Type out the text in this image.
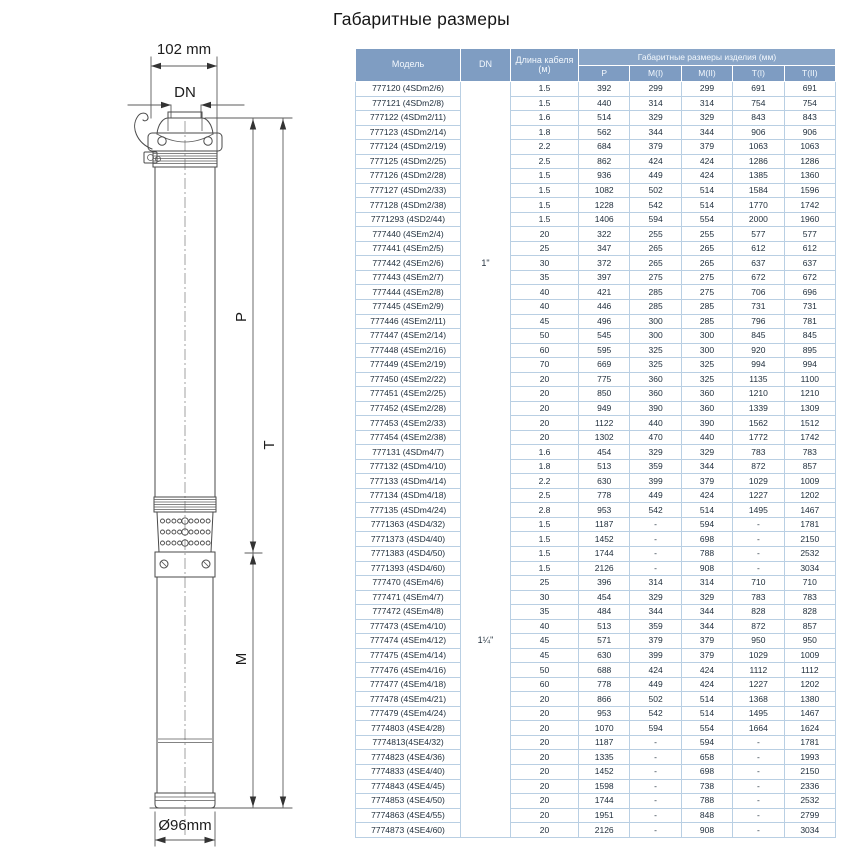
Габаритные размеры
102 mm
DN
P
T
M
Ø96mm
Модель	DN	Длина кабеля (м)	Габаритные размеры изделия (мм)				
			P	M(I)	M(II)	T(I)	T(II)
777120 (4SDm2/6)	1"	1.5	392	299	299	691	691
777121 (4SDm2/8)		1.5	440	314	314	754	754
777122 (4SDm2/11)		1.6	514	329	329	843	843
777123 (4SDm2/14)		1.8	562	344	344	906	906
777124 (4SDm2/19)		2.2	684	379	379	1063	1063
777125 (4SDm2/25)		2.5	862	424	424	1286	1286
777126 (4SDm2/28)		1.5	936	449	424	1385	1360
777127 (4SDm2/33)		1.5	1082	502	514	1584	1596
777128 (4SDm2/38)		1.5	1228	542	514	1770	1742
7771293 (4SD2/44)		1.5	1406	594	554	2000	1960
777440 (4SEm2/4)		20	322	255	255	577	577
777441 (4SEm2/5)		25	347	265	265	612	612
777442 (4SEm2/6)		30	372	265	265	637	637
777443 (4SEm2/7)		35	397	275	275	672	672
777444 (4SEm2/8)		40	421	285	275	706	696
777445 (4SEm2/9)		40	446	285	285	731	731
777446 (4SEm2/11)		45	496	300	285	796	781
777447 (4SEm2/14)		50	545	300	300	845	845
777448 (4SEm2/16)		60	595	325	300	920	895
777449 (4SEm2/19)		70	669	325	325	994	994
777450 (4SEm2/22)		20	775	360	325	1135	1100
777451 (4SEm2/25)		20	850	360	360	1210	1210
777452 (4SEm2/28)		20	949	390	360	1339	1309
777453 (4SEm2/33)		20	1122	440	390	1562	1512
777454 (4SEm2/38)		20	1302	470	440	1772	1742
777131 (4SDm4/7)	1¼"	1.6	454	329	329	783	783
777132 (4SDm4/10)		1.8	513	359	344	872	857
777133 (4SDm4/14)		2.2	630	399	379	1029	1009
777134 (4SDm4/18)		2.5	778	449	424	1227	1202
777135 (4SDm4/24)		2.8	953	542	514	1495	1467
7771363 (4SD4/32)		1.5	1187	-	594	-	1781
7771373 (4SD4/40)		1.5	1452	-	698	-	2150
7771383 (4SD4/50)		1.5	1744	-	788	-	2532
7771393 (4SD4/60)		1.5	2126	-	908	-	3034
777470 (4SEm4/6)		25	396	314	314	710	710
777471 (4SEm4/7)		30	454	329	329	783	783
777472 (4SEm4/8)		35	484	344	344	828	828
777473 (4SEm4/10)		40	513	359	344	872	857
777474 (4SEm4/12)		45	571	379	379	950	950
777475 (4SEm4/14)		45	630	399	379	1029	1009
777476 (4SEm4/16)		50	688	424	424	1112	1112
777477 (4SEm4/18)		60	778	449	424	1227	1202
777478 (4SEm4/21)		20	866	502	514	1368	1380
777479 (4SEm4/24)		20	953	542	514	1495	1467
7774803 (4SE4/28)		20	1070	594	554	1664	1624
7774813(4SE4/32)		20	1187	-	594	-	1781
7774823 (4SE4/36)		20	1335	-	658	-	1993
7774833 (4SE4/40)		20	1452	-	698	-	2150
7774843 (4SE4/45)		20	1598	-	738	-	2336
7774853 (4SE4/50)		20	1744	-	788	-	2532
7774863 (4SE4/55)		20	1951	-	848	-	2799
7774873 (4SE4/60)		20	2126	-	908	-	3034
